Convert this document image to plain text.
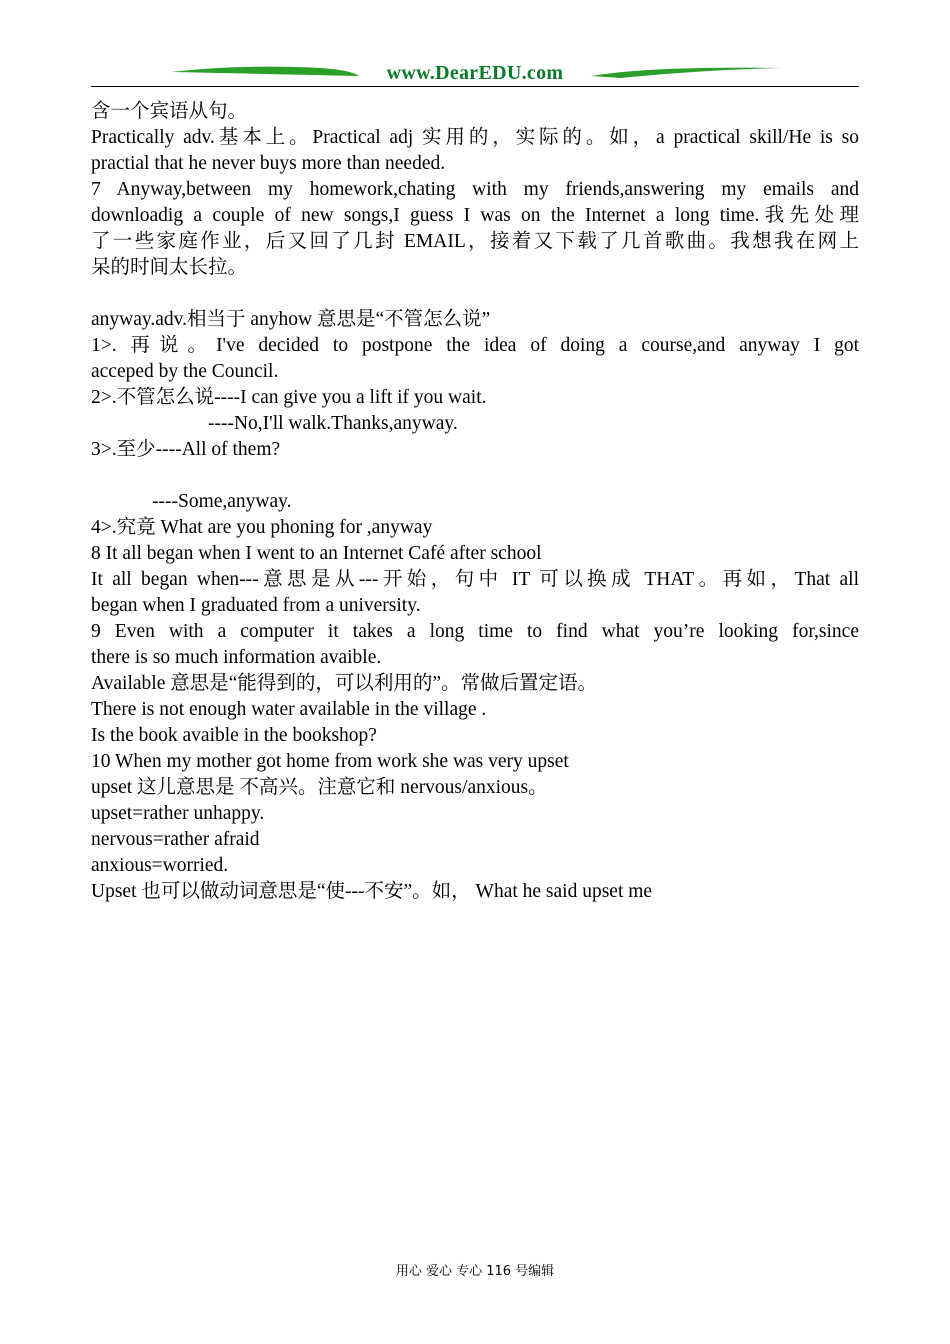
www.DearEDU.com
含一个宾语从句。
Practically adv.基本上。Practical adj 实用的，实际的。如，a practical skill/He is so
practial that he never buys more than needed.
7 Anyway,between my homework,chating with my friends,answering my emails and
downloadig a couple of new songs,I guess I was on the Internet a long time.我先处理
了一些家庭作业，后又回了几封 EMAIL，接着又下载了几首歌曲。我想我在网上
呆的时间太长拉。
anyway.adv.相当于 anyhow 意思是“不管怎么说”
1>. 再说。I've decided to postpone the idea of doing a course,and anyway I got
acceped by the Council.
2>.不管怎么说----I can give you a lift if you wait.
----No,I'll walk.Thanks,anyway.
3>.至少----All of them?
----Some,anyway.
4>.究竟 What are you phoning for ,anyway
8 It all began when I went to an Internet Café after school
It all began when---意思是从---开始，句中 IT 可以换成 THAT。再如，That all
began when I graduated from a university.
9 Even with a computer it takes a long time to find what you’re looking for,since
there is so much information avaible.
Available 意思是“能得到的，可以利用的”。常做后置定语。
There is not enough water available in the village .
Is the book avaible in the bookshop?
10 When my mother got home from work she was very upset
upset 这儿意思是 不高兴。注意它和 nervous/anxious。
upset=rather unhappy.
nervous=rather afraid
anxious=worried.
Upset 也可以做动词意思是“使---不安”。如， What he said upset me
用心 爱心 专心 116 号编辑
